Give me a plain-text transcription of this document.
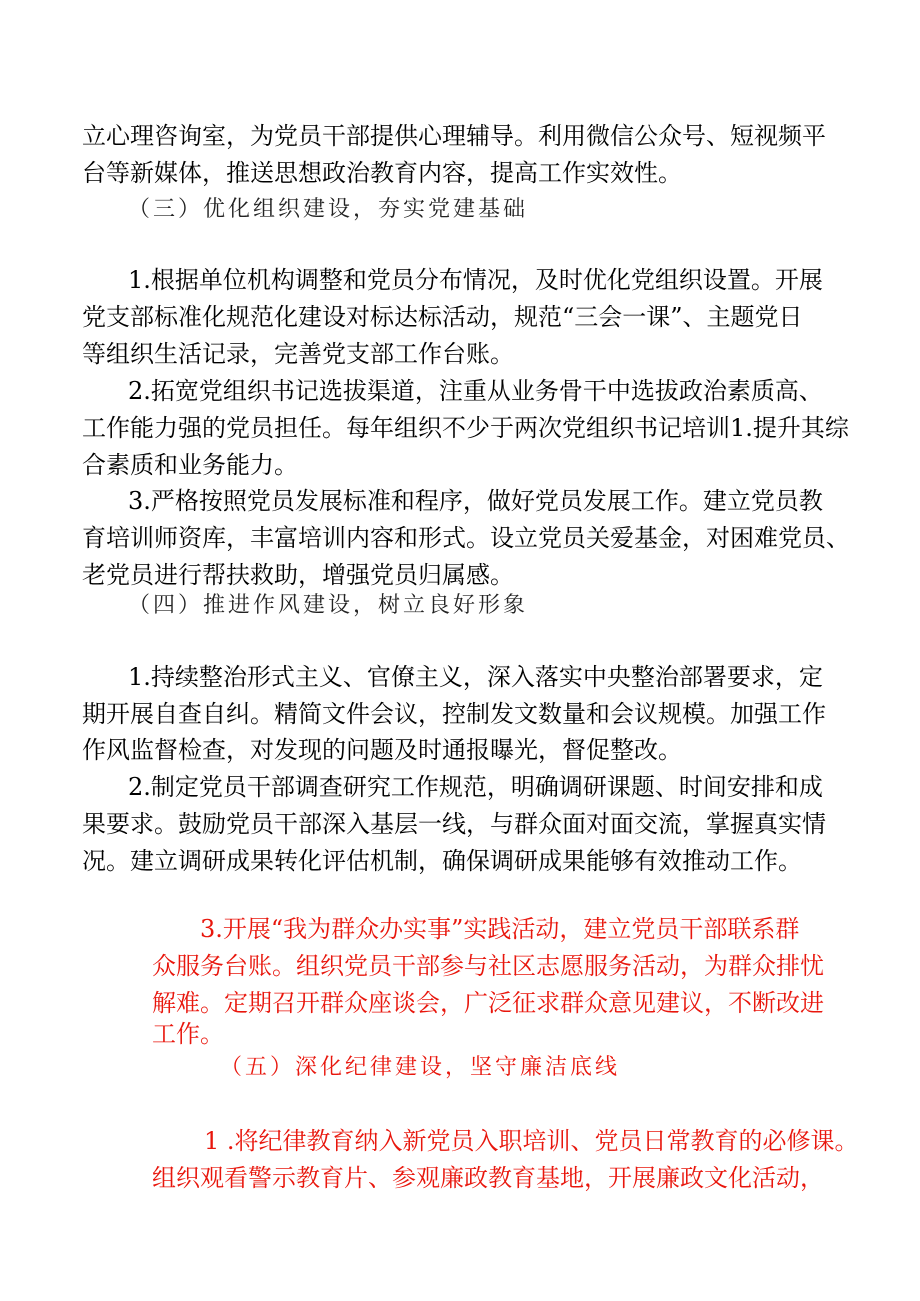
立心理咨询室，为党员干部提供心理辅导。利用微信公众号、短视频平
台等新媒体，推送思想政治教育内容，提高工作实效性。
（三）优化组织建设，夯实党建基础
1.根据单位机构调整和党员分布情况，及时优化党组织设置。开展
党支部标准化规范化建设对标达标活动，规范“三会一课”、主题党日
等组织生活记录，完善党支部工作台账。
2.拓宽党组织书记选拔渠道，注重从业务骨干中选拔政治素质高、
工作能力强的党员担任。每年组织不少于两次党组织书记培训1.提升其综
合素质和业务能力。
3.严格按照党员发展标准和程序，做好党员发展工作。建立党员教
育培训师资库，丰富培训内容和形式。设立党员关爱基金，对困难党员、
老党员进行帮扶救助，增强党员归属感。
（四）推进作风建设，树立良好形象
1.持续整治形式主义、官僚主义，深入落实中央整治部署要求，定
期开展自查自纠。精简文件会议，控制发文数量和会议规模。加强工作
作风监督检查，对发现的问题及时通报曝光，督促整改。
2.制定党员干部调查研究工作规范，明确调研课题、时间安排和成
果要求。鼓励党员干部深入基层一线，与群众面对面交流，掌握真实情
况。建立调研成果转化评估机制，确保调研成果能够有效推动工作。
3.开展“我为群众办实事”实践活动，建立党员干部联系群
众服务台账。组织党员干部参与社区志愿服务活动，为群众排忧
解难。定期召开群众座谈会，广泛征求群众意见建议，不断改进
工作。
（五）深化纪律建设，坚守廉洁底线
1 .将纪律教育纳入新党员入职培训、党员日常教育的必修课。
组织观看警示教育片、参观廉政教育基地，开展廉政文化活动，
